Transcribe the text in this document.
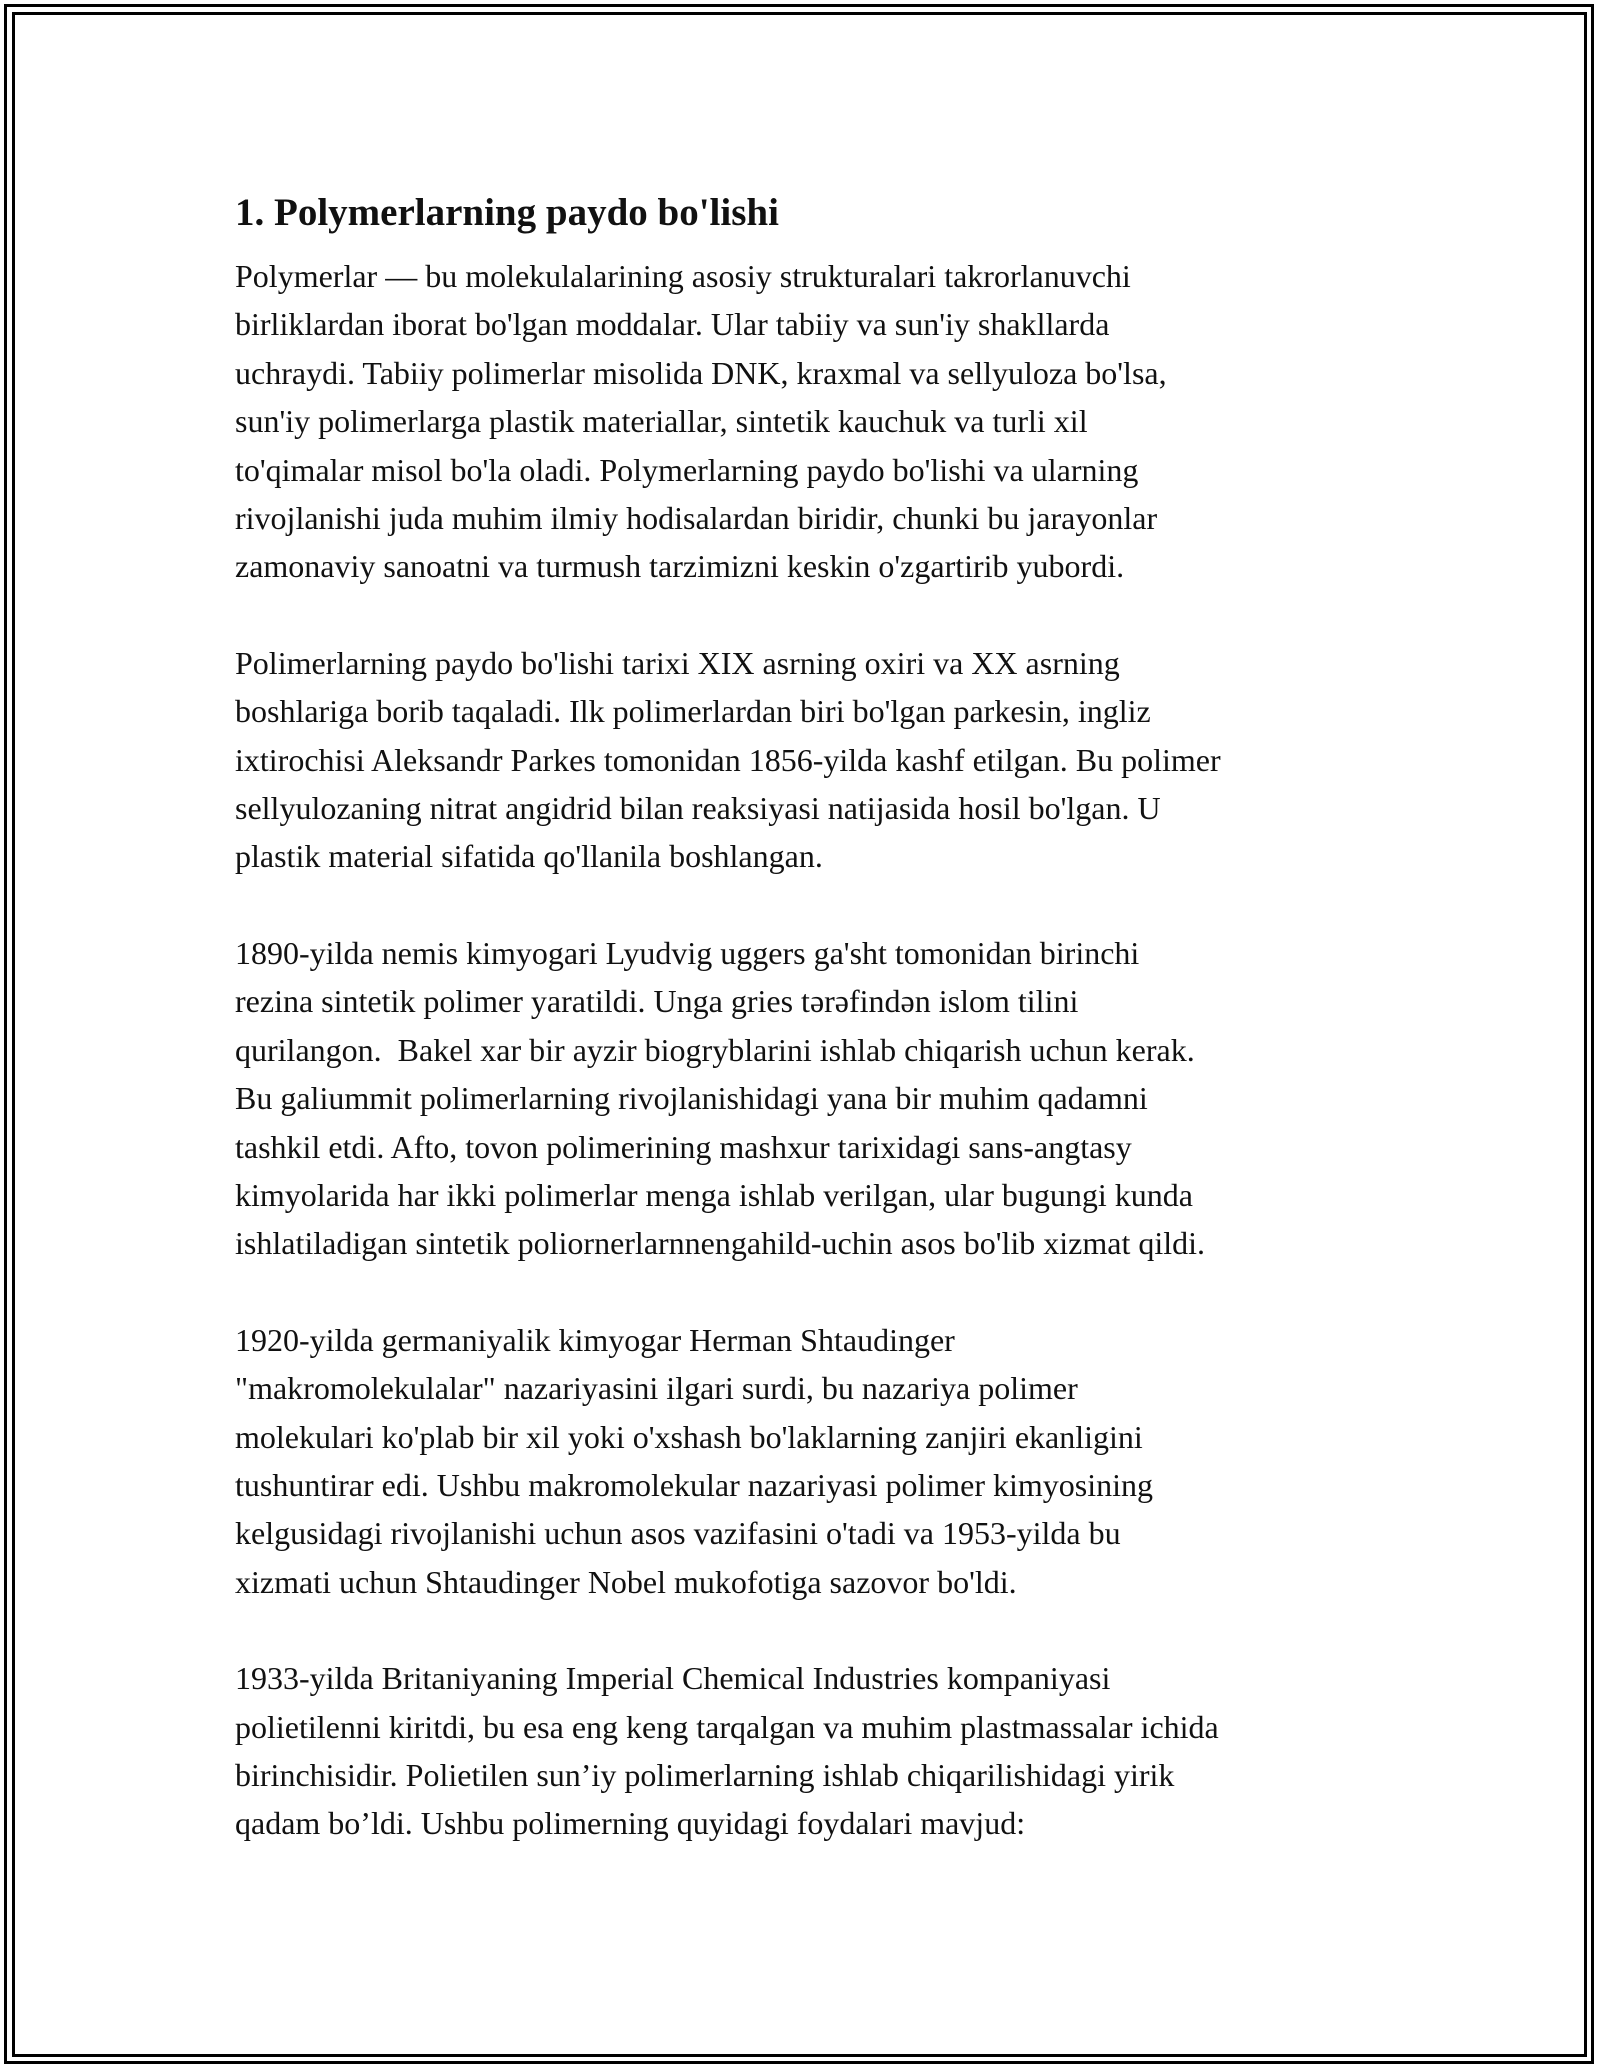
1. Polymerlarning paydo bo'lishi

Polymerlar — bu molekulalarining asosiy strukturalari takrorlanuvchi
birliklardan iborat bo'lgan moddalar. Ular tabiiy va sun'iy shakllarda
uchraydi. Tabiiy polimerlar misolida DNK, kraxmal va sellyuloza bo'lsa,
sun'iy polimerlarga plastik materiallar, sintetik kauchuk va turli xil
to'qimalar misol bo'la oladi. Polymerlarning paydo bo'lishi va ularning
rivojlanishi juda muhim ilmiy hodisalardan biridir, chunki bu jarayonlar
zamonaviy sanoatni va turmush tarzimizni keskin o'zgartirib yubordi.

Polimerlarning paydo bo'lishi tarixi XIX asrning oxiri va XX asrning
boshlariga borib taqaladi. Ilk polimerlardan biri bo'lgan parkesin, ingliz
ixtirochisi Aleksandr Parkes tomonidan 1856-yilda kashf etilgan. Bu polimer
sellyulozaning nitrat angidrid bilan reaksiyasi natijasida hosil bo'lgan. U
plastik material sifatida qo'llanila boshlangan.

1890-yilda nemis kimyogari Lyudvig uggers ga'sht tomonidan birinchi
rezina sintetik polimer yaratildi. Unga gries tərəfindən islom tilini
qurilangon.  Bakel xar bir ayzir biogryblarini ishlab chiqarish uchun kerak.
Bu galiummit polimerlarning rivojlanishidagi yana bir muhim qadamni
tashkil etdi. Afto, tovon polimerining mashxur tarixidagi sans-angtasy
kimyolarida har ikki polimerlar menga ishlab verilgan, ular bugungi kunda
ishlatiladigan sintetik poliornerlarnnengahild-uchin asos bo'lib xizmat qildi.

1920-yilda germaniyalik kimyogar Herman Shtaudinger
"makromolekulalar" nazariyasini ilgari surdi, bu nazariya polimer
molekulari ko'plab bir xil yoki o'xshash bo'laklarning zanjiri ekanligini
tushuntirar edi. Ushbu makromolekular nazariyasi polimer kimyosining
kelgusidagi rivojlanishi uchun asos vazifasini o'tadi va 1953-yilda bu
xizmati uchun Shtaudinger Nobel mukofotiga sazovor bo'ldi.

1933-yilda Britaniyaning Imperial Chemical Industries kompaniyasi
polietilenni kiritdi, bu esa eng keng tarqalgan va muhim plastmassalar ichida
birinchisidir. Polietilen sun’iy polimerlarning ishlab chiqarilishidagi yirik
qadam bo’ldi. Ushbu polimerning quyidagi foydalari mavjud:
